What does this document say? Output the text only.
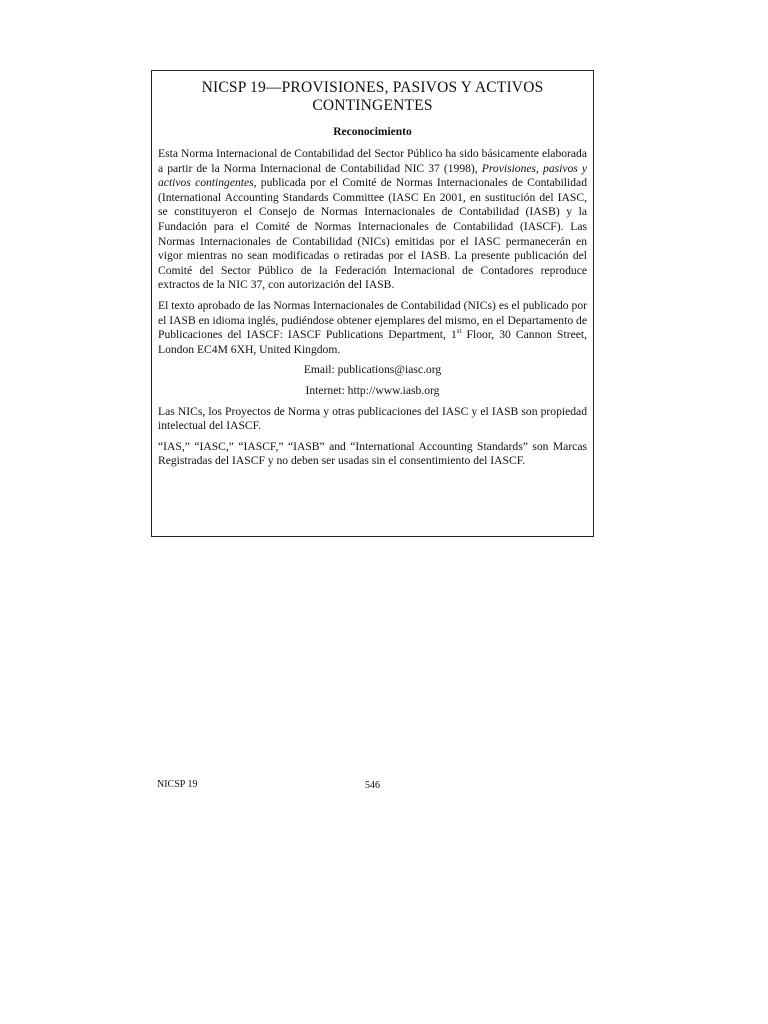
NICSP 19—PROVISIONES, PASIVOS Y ACTIVOS CONTINGENTES
Reconocimiento

Esta Norma Internacional de Contabilidad del Sector Público ha sido básicamente elaborada a partir de la Norma Internacional de Contabilidad NIC 37 (1998), Provisiones, pasivos y activos contingentes, publicada por el Comité de Normas Internacionales de Contabilidad (International Accounting Standards Committee (IASC En 2001, en sustitución del IASC, se constituyeron el Consejo de Normas Internacionales de Contabilidad (IASB) y la Fundación para el Comité de Normas Internacionales de Contabilidad (IASCF). Las Normas Internacionales de Contabilidad (NICs) emitidas por el IASC permanecerán en vigor mientras no sean modificadas o retiradas por el IASB. La presente publicación del Comité del Sector Público de la Federación Internacional de Contadores reproduce extractos de la NIC 37, con autorización del IASB.

El texto aprobado de las Normas Internacionales de Contabilidad (NICs) es el publicado por el IASB en idioma inglés, pudiéndose obtener ejemplares del mismo, en el Departamento de Publicaciones del IASCF: IASCF Publications Department, 1st Floor, 30 Cannon Street, London EC4M 6XH, United Kingdom.

Email: publications@iasc.org

Internet: http://www.iasb.org

Las NICs, los Proyectos de Norma y otras publicaciones del IASC y el IASB son propiedad intelectual del IASCF.

“IAS,” “IASC,” “IASCF,” “IASB” and “International Accounting Standards” son Marcas Registradas del IASCF y no deben ser usadas sin el consentimiento del IASCF.

NICSP 19	546
